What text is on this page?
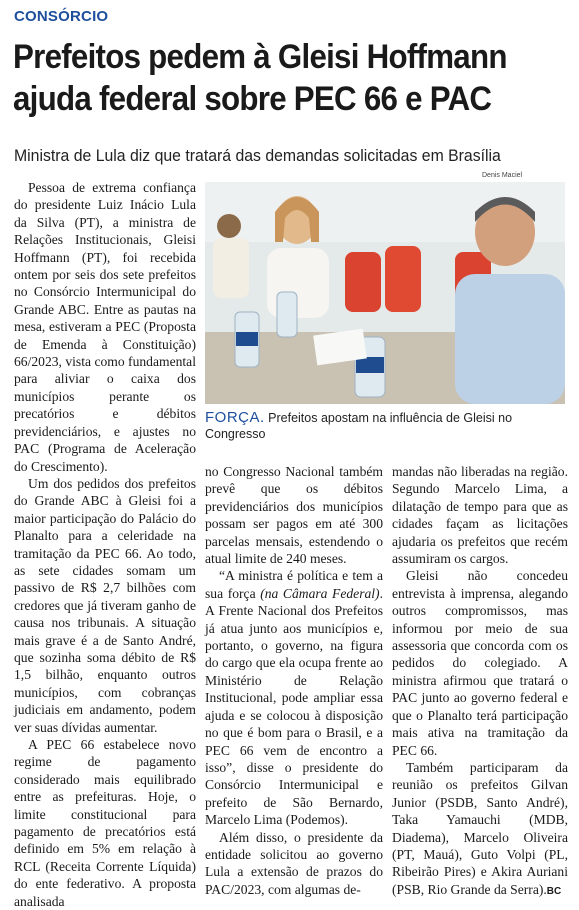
CONSÓRCIO
Prefeitos pedem à Gleisi Hoffmann ajuda federal sobre PEC 66 e PAC
Ministra de Lula diz que tratará das demandas solicitadas em Brasília

Pessoa de extrema confiança do presidente Luiz Inácio Lula da Silva (PT), a ministra de Relações Institucionais, Gleisi Hoffmann (PT), foi recebida ontem por seis dos sete prefeitos no Consórcio Intermunicipal do Grande ABC. Entre as pautas na mesa, estiveram a PEC (Proposta de Emenda à Constituição) 66/2023, vista como fundamental para aliviar o caixa dos municípios perante os precatórios e débitos previdenciários, e ajustes no PAC (Programa de Aceleração do Crescimento).

Um dos pedidos dos prefeitos do Grande ABC à Gleisi foi a maior participação do Palácio do Planalto para a celeridade na tramitação da PEC 66. Ao todo, as sete cidades somam um passivo de R$ 2,7 bilhões com credores que já tiveram ganho de causa nos tribunais. A situação mais grave é a de Santo André, que sozinha soma débito de R$ 1,5 bilhão, enquanto outros municípios, com cobranças judiciais em andamento, podem ver suas dívidas aumentar.

A PEC 66 estabelece novo regime de pagamento considerado mais equilibrado entre as prefeituras. Hoje, o limite constitucional para pagamento de precatórios está definido em 5% em relação à RCL (Receita Corrente Líquida) do ente federativo. A proposta analisada

Denis Maciel
FORÇA. Prefeitos apostam na influência de Gleisi no Congresso

no Congresso Nacional também prevê que os débitos previdenciários dos municípios possam ser pagos em até 300 parcelas mensais, estendendo o atual limite de 240 meses.

“A ministra é política e tem a sua força (na Câmara Federal). A Frente Nacional dos Prefeitos já atua junto aos municípios e, portanto, o governo, na figura do cargo que ela ocupa frente ao Ministério de Relação Institucional, pode ampliar essa ajuda e se colocou à disposição no que é bom para o Brasil, e a PEC 66 vem de encontro a isso”, disse o presidente do Consórcio Intermunicipal e prefeito de São Bernardo, Marcelo Lima (Podemos).

Além disso, o presidente da entidade solicitou ao governo Lula a extensão de prazos do PAC/2023, com algumas de-

mandas não liberadas na região. Segundo Marcelo Lima, a dilatação de tempo para que as cidades façam as licitações ajudaria os prefeitos que recém assumiram os cargos.

Gleisi não concedeu entrevista à imprensa, alegando outros compromissos, mas informou por meio de sua assessoria que concorda com os pedidos do colegiado. A ministra afirmou que tratará o PAC junto ao governo federal e que o Planalto terá participação mais ativa na tramitação da PEC 66.

Também participaram da reunião os prefeitos Gilvan Junior (PSDB, Santo André), Taka Yamauchi (MDB, Diadema), Marcelo Oliveira (PT, Mauá), Guto Volpi (PL, Ribeirão Pires) e Akira Auriani (PSB, Rio Grande da Serra).BC
